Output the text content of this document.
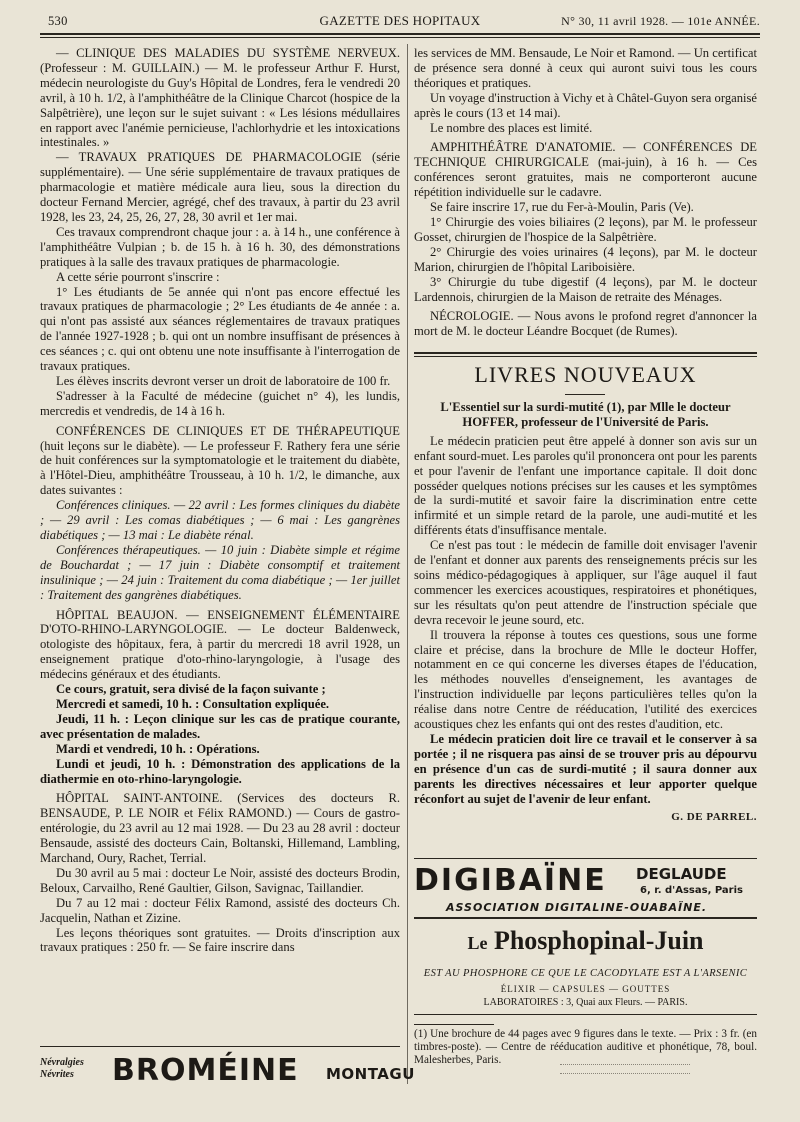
530	GAZETTE DES HOPITAUX	N° 30, 11 avril 1928. — 101e ANNÉE.

— CLINIQUE DES MALADIES DU SYSTÈME NERVEUX. (Professeur : M. GUILLAIN.) — M. le professeur Arthur F. Hurst, médecin neurologiste du Guy's Hôpital de Londres, fera le vendredi 20 avril, à 10 h. 1/2, à l'amphithéâtre de la Clinique Charcot (hospice de la Salpêtrière), une leçon sur le sujet suivant : « Les lésions médullaires en rapport avec l'anémie pernicieuse, l'achlorhydrie et les intoxications intestinales. »

— TRAVAUX PRATIQUES DE PHARMACOLOGIE (série supplémentaire). — Une série supplémentaire de travaux pratiques de pharmacologie et matière médicale aura lieu, sous la direction du docteur Fernand Mercier, agrégé, chef des travaux, à partir du 23 avril 1928, les 23, 24, 25, 26, 27, 28, 30 avril et 1er mai.

Ces travaux comprendront chaque jour : a. à 14 h., une conférence à l'amphithéâtre Vulpian ; b. de 15 h. à 16 h. 30, des démonstrations pratiques à la salle des travaux pratiques de pharmacologie.

A cette série pourront s'inscrire :

1° Les étudiants de 5e année qui n'ont pas encore effectué les travaux pratiques de pharmacologie ; 2° Les étudiants de 4e année : a. qui n'ont pas assisté aux séances réglementaires de travaux pratiques de l'année 1927-1928 ; b. qui ont un nombre insuffisant de présences à ces séances ; c. qui ont obtenu une note insuffisante à l'interrogation de travaux pratiques.

Les élèves inscrits devront verser un droit de laboratoire de 100 fr.

S'adresser à la Faculté de médecine (guichet n° 4), les lundis, mercredis et vendredis, de 14 à 16 h.

CONFÉRENCES DE CLINIQUES ET DE THÉRAPEUTIQUE (huit leçons sur le diabète). — Le professeur F. Rathery fera une série de huit conférences sur la symptomatologie et le traitement du diabète, à l'Hôtel-Dieu, amphithéâtre Trousseau, à 10 h. 1/2, le dimanche, aux dates suivantes :

Conférences cliniques. — 22 avril : Les formes cliniques du diabète ; — 29 avril : Les comas diabétiques ; — 6 mai : Les gangrènes diabétiques ; — 13 mai : Le diabète rénal.

Conférences thérapeutiques. — 10 juin : Diabète simple et régime de Bouchardat ; — 17 juin : Diabète consomptif et traitement insulinique ; — 24 juin : Traitement du coma diabétique ; — 1er juillet : Traitement des gangrènes diabétiques.

HÔPITAL BEAUJON. — ENSEIGNEMENT ÉLÉMENTAIRE D'OTO-RHINO-LARYNGOLOGIE. — Le docteur Baldenweck, otologiste des hôpitaux, fera, à partir du mercredi 18 avril 1928, un enseignement pratique d'oto-rhino-laryngologie, à l'usage des médecins généraux et des étudiants.

Ce cours, gratuit, sera divisé de la façon suivante ;

Mercredi et samedi, 10 h. : Consultation expliquée.

Jeudi, 11 h. : Leçon clinique sur les cas de pratique courante, avec présentation de malades.

Mardi et vendredi, 10 h. : Opérations.

Lundi et jeudi, 10 h. : Démonstration des applications de la diathermie en oto-rhino-laryngologie.

HÔPITAL SAINT-ANTOINE. (Services des docteurs R. BENSAUDE, P. LE NOIR et Félix RAMOND.) — Cours de gastro-entérologie, du 23 avril au 12 mai 1928. — Du 23 au 28 avril : docteur Bensaude, assisté des docteurs Cain, Boltanski, Hillemand, Lambling, Marchand, Oury, Rachet, Terrial.

Du 30 avril au 5 mai : docteur Le Noir, assisté des docteurs Brodin, Beloux, Carvailho, René Gaultier, Gilson, Savignac, Taillandier.

Du 7 au 12 mai : docteur Félix Ramond, assisté des docteurs Ch. Jacquelin, Nathan et Zizine.

Les leçons théoriques sont gratuites. — Droits d'inscription aux travaux pratiques : 250 fr. — Se faire inscrire dans

les services de MM. Bensaude, Le Noir et Ramond. — Un certificat de présence sera donné à ceux qui auront suivi tous les cours théoriques et pratiques.

Un voyage d'instruction à Vichy et à Châtel-Guyon sera organisé après le cours (13 et 14 mai).

Le nombre des places est limité.

AMPHITHÉÂTRE D'ANATOMIE. — CONFÉRENCES DE TECHNIQUE CHIRURGICALE (mai-juin), à 16 h. — Ces conférences seront gratuites, mais ne comporteront aucune répétition individuelle sur le cadavre.

Se faire inscrire 17, rue du Fer-à-Moulin, Paris (Ve).

1° Chirurgie des voies biliaires (2 leçons), par M. le professeur Gosset, chirurgien de l'hospice de la Salpêtrière.

2° Chirurgie des voies urinaires (4 leçons), par M. le docteur Marion, chirurgien de l'hôpital Lariboisière.

3° Chirurgie du tube digestif (4 leçons), par M. le docteur Lardennois, chirurgien de la Maison de retraite des Ménages.

NÉCROLOGIE. — Nous avons le profond regret d'annoncer la mort de M. le docteur Léandre Bocquet (de Rumes).

LIVRES NOUVEAUX

L'Essentiel sur la surdi-mutité (1), par Mlle le docteur HOFFER, professeur de l'Université de Paris.

Le médecin praticien peut être appelé à donner son avis sur un enfant sourd-muet. Les paroles qu'il prononcera ont pour les parents et pour l'avenir de l'enfant une importance capitale. Il doit donc posséder quelques notions précises sur les causes et les symptômes de la surdi-mutité et savoir faire la discrimination entre cette infirmité et un simple retard de la parole, une audi-mutité et les différents états d'insuffisance mentale.

Ce n'est pas tout : le médecin de famille doit envisager l'avenir de l'enfant et donner aux parents des renseignements précis sur les soins médico-pédagogiques à appliquer, sur l'âge auquel il faut commencer les exercices acoustiques, respiratoires et phonétiques, sur les résultats qu'on peut attendre de l'instruction spéciale que devra recevoir le jeune sourd, etc.

Il trouvera la réponse à toutes ces questions, sous une forme claire et précise, dans la brochure de Mlle le docteur Hoffer, notamment en ce qui concerne les diverses étapes de l'éducation, les méthodes nouvelles d'enseignement, les avantages de l'instruction individuelle par leçons particulières telles qu'on la réalise dans notre Centre de rééducation, l'utilité des exercices acoustiques chez les enfants qui ont des restes d'audition, etc.

Le médecin praticien doit lire ce travail et le conserver à sa portée ; il ne risquera pas ainsi de se trouver pris au dépourvu en présence d'un cas de surdi-mutité ; il saura donner aux parents les directives nécessaires et leur apporter quelque réconfort au sujet de l'avenir de leur enfant.

G. DE PARREL.
DIGIBAÏNE DEGLAUDE
6, r. d'Assas, Paris
ASSOCIATION DIGITALINE-OUABAÏNE.
Le Phosphopinal-Juin
EST AU PHOSPHORE CE QUE LE CACODYLATE EST A L'ARSENIC
ÉLIXIR — CAPSULES — GOUTTES
LABORATOIRES : 3, Quai aux Fleurs. — PARIS.
(1) Une brochure de 44 pages avec 9 figures dans le texte. — Prix : 3 fr. (en timbres-poste). — Centre de rééducation auditive et phonétique, 78, boul. Malesherbes, Paris.
Névralgies
Névrites	BROMÉINE MONTAGU
